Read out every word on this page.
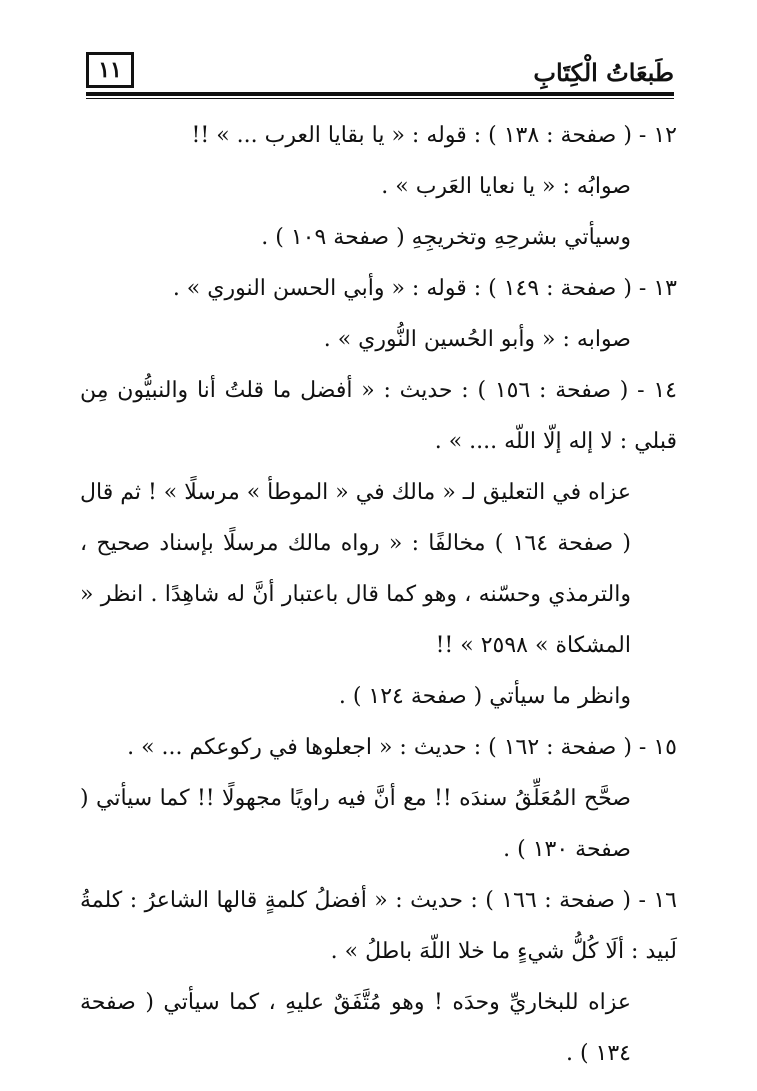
طَبعَاتُ الْكِتَابِ
١١

١٢ - ( صفحة : ١٣٨ ) : قوله : « يا بقايا العرب ... » !!

صوابُه : « يا نعايا العَرب » .

وسيأتي بشرحِهِ وتخريجِهِ ( صفحة ١٠٩ ) .

١٣ - ( صفحة : ١٤٩ ) : قوله : « وأبي الحسن النوري » .

صوابه : « وأبو الحُسين النُّوري » .

١٤ - ( صفحة : ١٥٦ ) : حديث : « أفضل ما قلتُ أنا والنبيُّون مِن قبلي : لا إله إلّا اللّه .... » .

عزاه في التعليق لـ « مالك في « الموطأ » مرسلًا » ! ثم قال ( صفحة ١٦٤ ) مخالفًا : « رواه مالك مرسلًا بإسناد صحيح ، والترمذي وحسّنه ، وهو كما قال باعتبار أنَّ له شاهِدًا . انظر « المشكاة » ٢٥٩٨ » !!

وانظر ما سيأتي ( صفحة ١٢٤ ) .

١٥ - ( صفحة : ١٦٢ ) : حديث : « اجعلوها في ركوعكم ... » .

صحَّح المُعَلِّقُ سندَه !! مع أنَّ فيه راويًا مجهولًا !! كما سيأتي ( صفحة ١٣٠ ) .

١٦ - ( صفحة : ١٦٦ ) : حديث : « أفضلُ كلمةٍ قالها الشاعرُ : كلمةُ لَبيد : ألَا كُلُّ شيءٍ ما خلا اللّهَ باطلُ » .

عزاه للبخاريِّ وحدَه ! وهو مُتَّفَقٌ عليهِ ، كما سيأتي ( صفحة ١٣٤ ) .
